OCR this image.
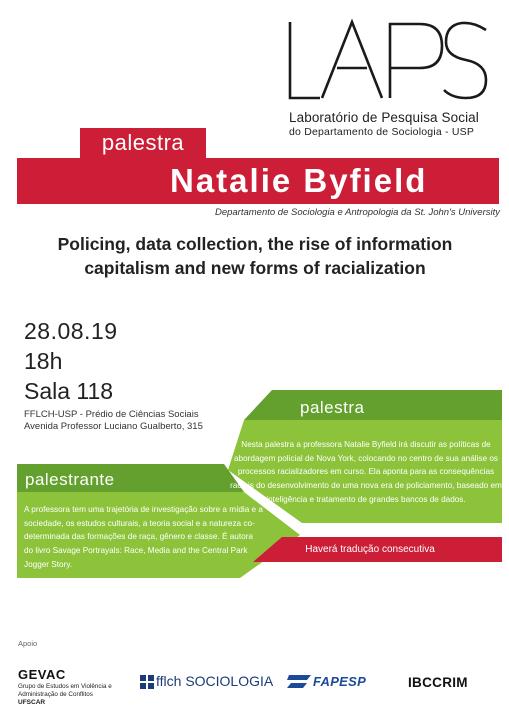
Laboratório de Pesquisa Social
do Departamento de Sociologia - USP
palestra
Natalie Byfield
Departamento de Sociologia e Antropologia da St. John's University
Policing, data collection, the rise of information capitalism and new forms of racialization
28.08.19
18h
Sala 118
FFLCH-USP - Prédio de Ciências Sociais
Avenida Professor Luciano Gualberto, 315
palestra
Nesta palestra a professora Natalie Byfield irá discutir as políticas de abordagem policial de Nova York, colocando no centro de sua análise os processos racializadores em curso. Ela aponta para as consequências raciais do desenvolvimento de uma nova era de policiamento, baseado em inteligência e tratamento de grandes bancos de dados.
palestrante
A professora tem uma trajetória de investigação sobre a mídia e a sociedade, os estudos culturais, a teoria social e a natureza co-determinada das formações de raça, gênero e classe. É autora do livro Savage Portrayals: Race, Media and the Central Park Jogger Story.
Haverá tradução consecutiva
Apoio
GEVAC
Grupo de Estudos em Violência e Administração de Conflitos
UFSCAR
fflch SOCIOLOGIA	FAPESP	IBCCRIM
